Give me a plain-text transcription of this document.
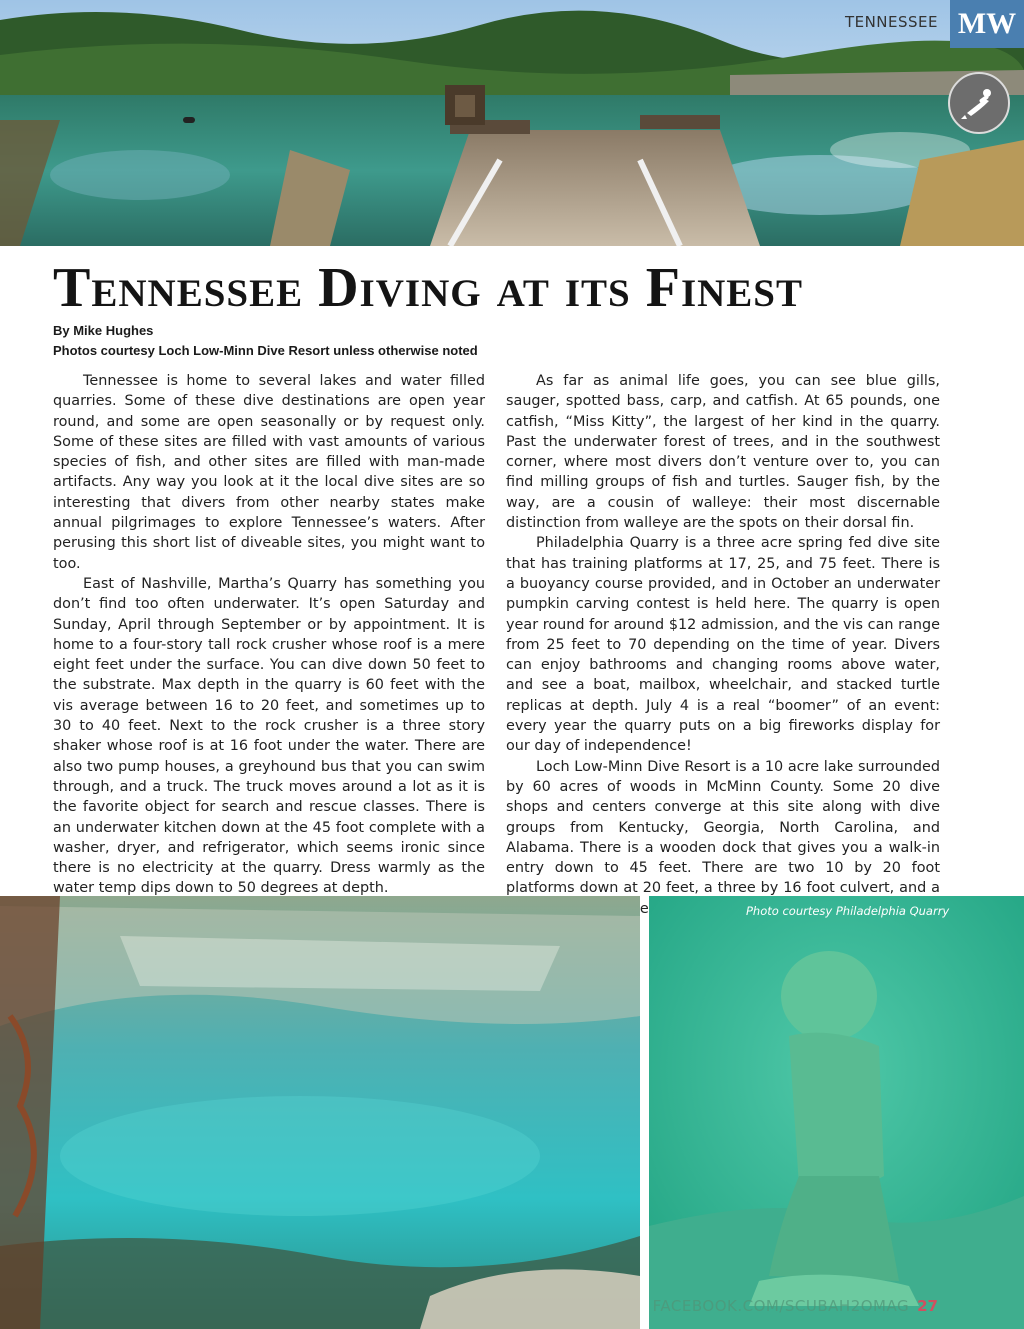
TENNESSEE MW
Tennessee Diving at its Finest
By Mike Hughes
Photos courtesy Loch Low-Minn Dive Resort unless otherwise noted

Tennessee is home to several lakes and water filled quarries. Some of these dive destinations are open year round, and some are open seasonally or by request only. Some of these sites are filled with vast amounts of various species of fish, and other sites are filled with man-made artifacts. Any way you look at it the local dive sites are so interesting that divers from other nearby states make annual pilgrimages to explore Tennessee’s waters. After perusing this short list of diveable sites, you might want to too.

East of Nashville, Martha’s Quarry has something you don’t find too often underwater. It’s open Saturday and Sunday, April through September or by appointment. It is home to a four-story tall rock crusher whose roof is a mere eight feet under the surface. You can dive down 50 feet to the substrate. Max depth in the quarry is 60 feet with the vis average between 16 to 20 feet, and sometimes up to 30 to 40 feet. Next to the rock crusher is a three story shaker whose roof is at 16 foot under the water. There are also two pump houses, a greyhound bus that you can swim through, and a truck. The truck moves around a lot as it is the favorite object for search and rescue classes. There is an underwater kitchen down at the 45 foot complete with a washer, dryer, and refrigerator, which seems ironic since there is no electricity at the quarry. Dress warmly as the water temp dips down to 50 degrees at depth.

As far as animal life goes, you can see blue gills, sauger, spotted bass, carp, and catfish. At 65 pounds, one catfish, “Miss Kitty”, the largest of her kind in the quarry. Past the underwater forest of trees, and in the southwest corner, where most divers don’t venture over to, you can find milling groups of fish and turtles. Sauger fish, by the way, are a cousin of walleye: their most discernable distinction from walleye are the spots on their dorsal fin.

Philadelphia Quarry is a three acre spring fed dive site that has training platforms at 17, 25, and 75 feet. There is a buoyancy course provided, and in October an underwater pumpkin carving contest is held here. The quarry is open year round for around $12 admission, and the vis can range from 25 feet to 70 depending on the time of year. Divers can enjoy bathrooms and changing rooms above water, and see a boat, mailbox, wheelchair, and stacked turtle replicas at depth. July 4 is a real “boomer” of an event: every year the quarry puts on a big fireworks display for our day of independence!

Loch Low-Minn Dive Resort is a 10 acre lake surrounded by 60 acres of woods in McMinn County. Some 20 dive shops and centers converge at this site along with dive groups from Kentucky, Georgia, North Carolina, and Alabama. There is a wooden dock that gives you a walk-in entry down to 45 feet. There are two 10 by 20 foot platforms down at 20 feet, a three by 16 foot culvert, and a

Photo courtesy Philadelphia Quarry
FACEBOOK.COM/SCUBAH2OMAG 27
